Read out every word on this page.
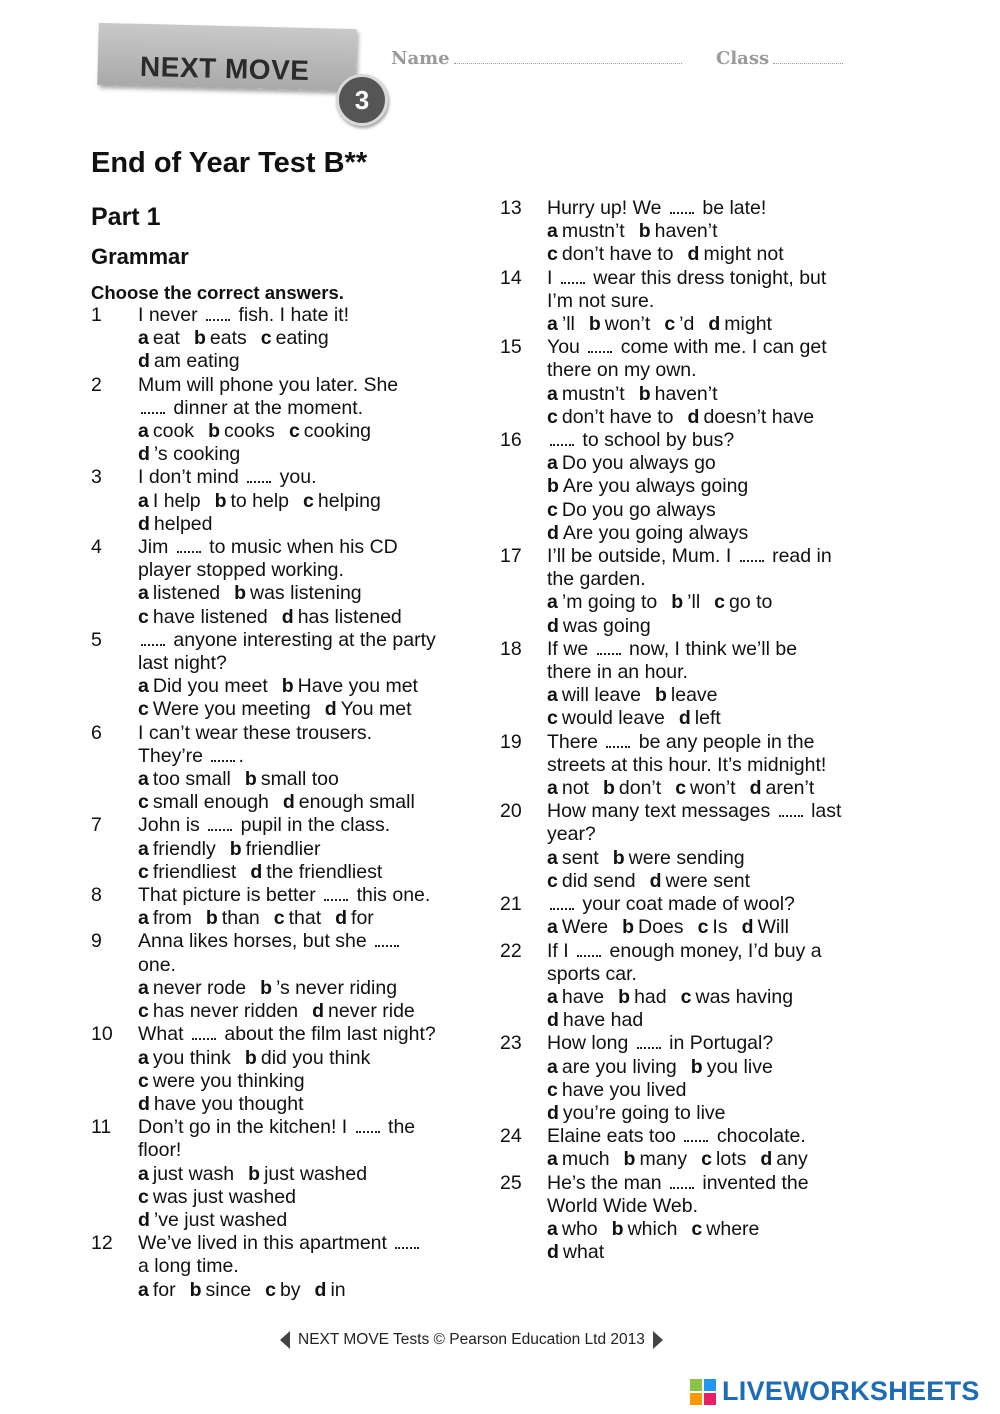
NEXT MOVE
3
Name	Class
End of Year Test B**
Part 1
Grammar
Choose the correct answers.
1	I never  fish. I hate it!
a eat b eats c eating
d am eating
2	Mum will phone you later. She
dinner at the moment.
a cook b cooks c cooking
d ’s cooking
3	I don’t mind  you.
a I help b to help c helping
d helped
4	Jim  to music when his CD
player stopped working.
a listened b was listening
c have listened d has listened
5	anyone interesting at the party
last night?
a Did you meet b Have you met
c Were you meeting d You met
6	I can’t wear these trousers.
They’re .
a too small b small too
c small enough d enough small
7	John is  pupil in the class.
a friendly b friendlier
c friendliest d the friendliest
8	That picture is better  this one.
a from b than c that d for
9	Anna likes horses, but she
one.
a never rode b ’s never riding
c has never ridden d never ride
10	What  about the film last night?
a you think b did you think
c were you thinking
d have you thought
11	Don’t go in the kitchen! I  the
floor!
a just wash b just washed
c was just washed
d ’ve just washed
12	We’ve lived in this apartment
a long time.
a for b since c by d in
13	Hurry up! We  be late!
a mustn’t b haven’t
c don’t have to d might not
14	I  wear this dress tonight, but
I’m not sure.
a ’ll b won’t c ’d d might
15	You  come with me. I can get
there on my own.
a mustn’t b haven’t
c don’t have to d doesn’t have
16	to school by bus?
a Do you always go
b Are you always going
c Do you go always
d Are you going always
17	I’ll be outside, Mum. I  read in
the garden.
a ’m going to b ’ll c go to
d was going
18	If we  now, I think we’ll be
there in an hour.
a will leave b leave
c would leave d left
19	There  be any people in the
streets at this hour. It’s midnight!
a not b don’t c won’t d aren’t
20	How many text messages  last
year?
a sent b were sending
c did send d were sent
21	your coat made of wool?
a Were b Does c Is d Will
22	If I  enough money, I’d buy a
sports car.
a have b had c was having
d have had
23	How long  in Portugal?
a are you living b you live
c have you lived
d you’re going to live
24	Elaine eats too  chocolate.
a much b many c lots d any
25	He’s the man  invented the
World Wide Web.
a who b which c where
d what
NEXT MOVE Tests © Pearson Education Ltd 2013
LIVEWORKSHEETS
